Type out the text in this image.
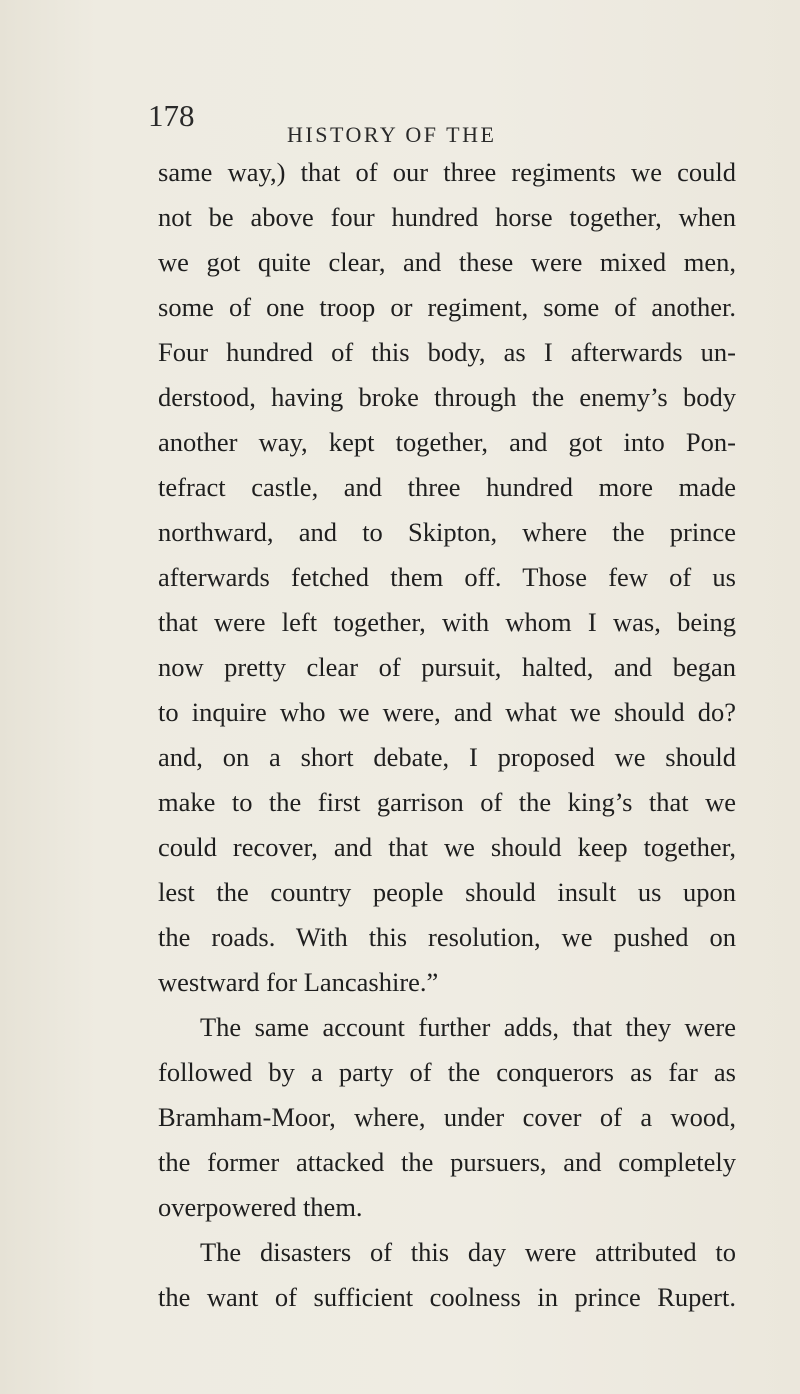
178
HISTORY OF THE
same way,) that of our three regiments we could
not be above four hundred horse together, when
we got quite clear, and these were mixed men,
some of one troop or regiment, some of another.
Four hundred of this body, as I afterwards un-
derstood, having broke through the enemy’s body
another way, kept together, and got into Pon-
tefract castle, and three hundred more made
northward, and to Skipton, where the prince
afterwards fetched them off. Those few of us
that were left together, with whom I was, being
now pretty clear of pursuit, halted, and began
to inquire who we were, and what we should do?
and, on a short debate, I proposed we should
make to the first garrison of the king’s that we
could recover, and that we should keep together,
lest the country people should insult us upon
the roads. With this resolution, we pushed on
westward for Lancashire.”
The same account further adds, that they were
followed by a party of the conquerors as far as
Bramham-Moor, where, under cover of a wood,
the former attacked the pursuers, and completely
overpowered them.
The disasters of this day were attributed to
the want of sufficient coolness in prince Rupert.
